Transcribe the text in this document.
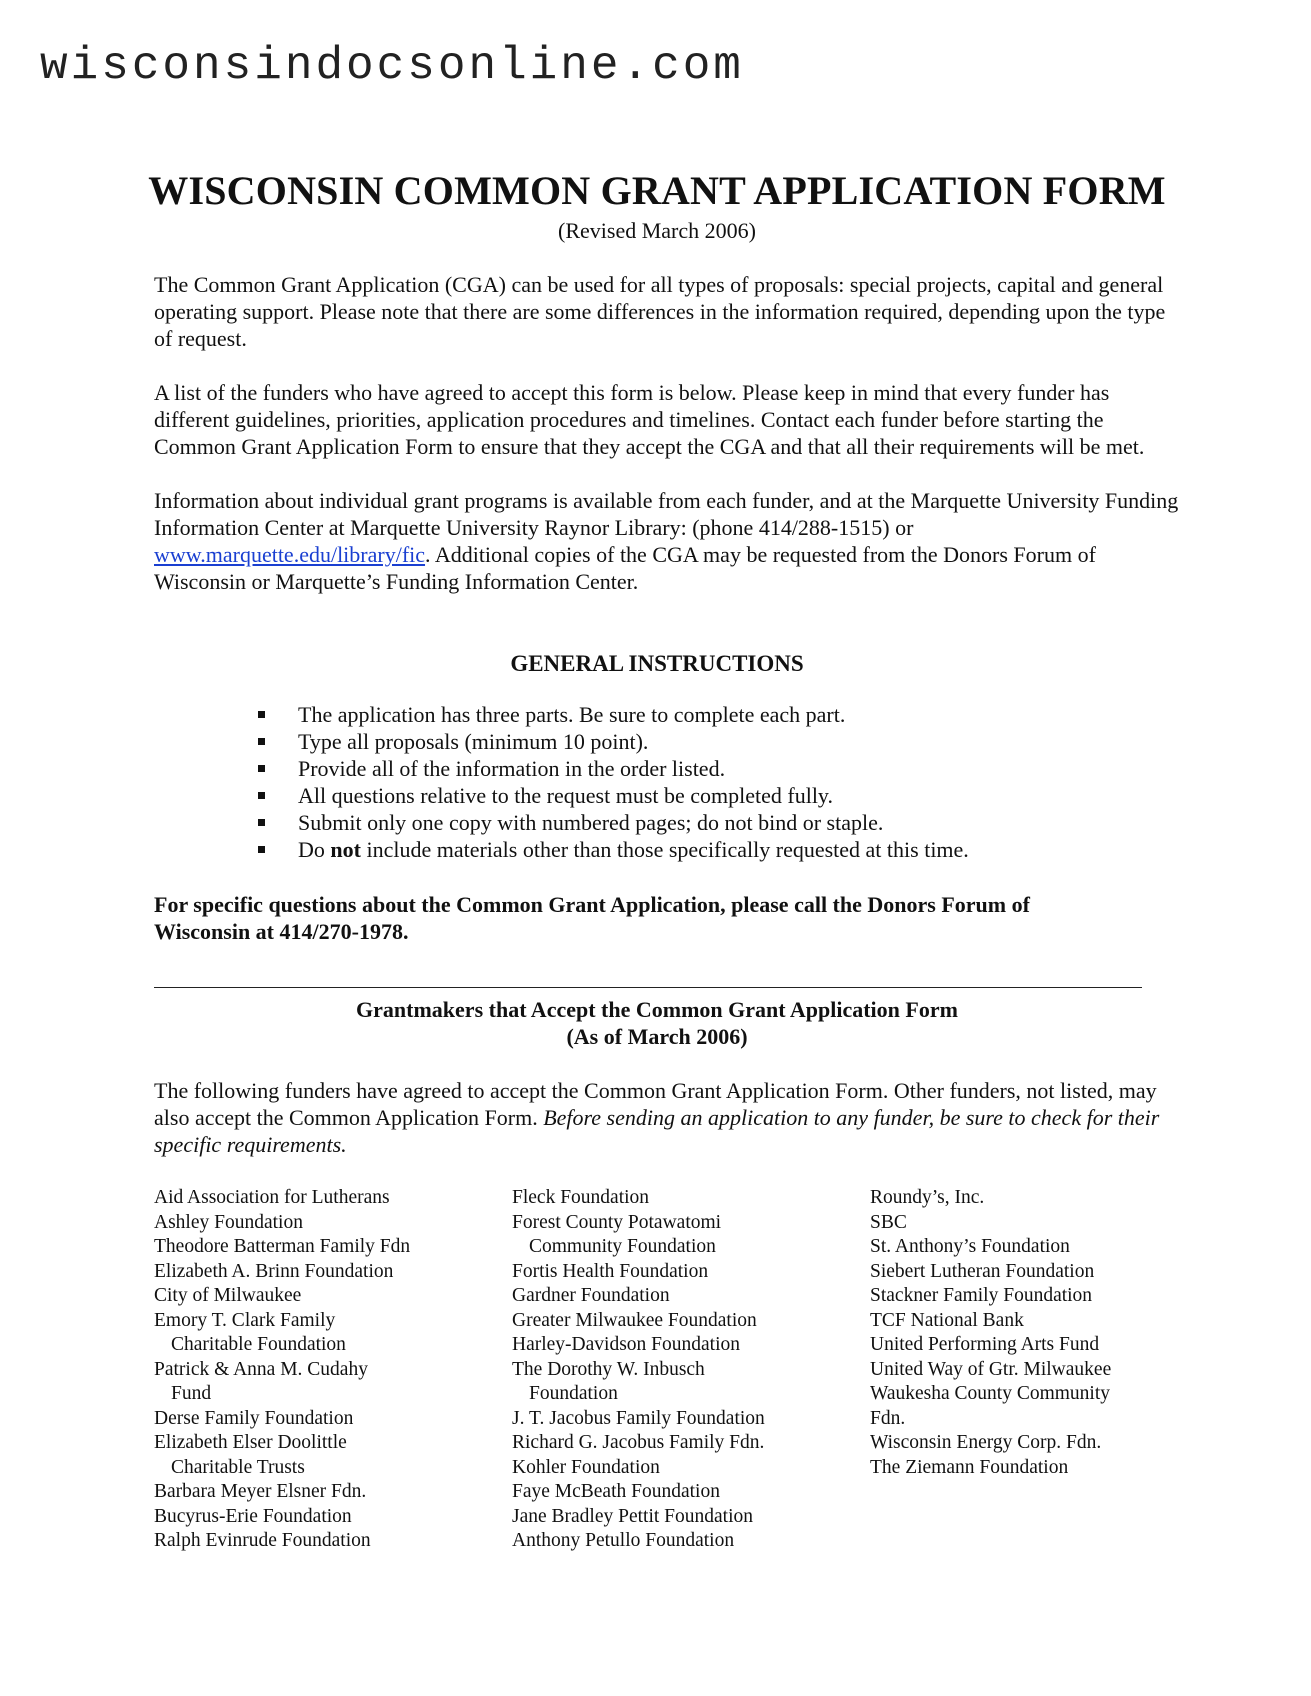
wisconsindocsonline.com
WISCONSIN COMMON GRANT APPLICATION FORM
(Revised March 2006)

The Common Grant Application (CGA) can be used for all types of proposals: special projects, capital and general operating support. Please note that there are some differences in the information required, depending upon the type of request.

A list of the funders who have agreed to accept this form is below. Please keep in mind that every funder has different guidelines, priorities, application procedures and timelines. Contact each funder before starting the Common Grant Application Form to ensure that they accept the CGA and that all their requirements will be met.

Information about individual grant programs is available from each funder, and at the Marquette University Funding Information Center at Marquette University Raynor Library: (phone 414/288-1515) or www.marquette.edu/library/fic. Additional copies of the CGA may be requested from the Donors Forum of Wisconsin or Marquette’s Funding Information Center.

GENERAL INSTRUCTIONS
The application has three parts. Be sure to complete each part.
Type all proposals (minimum 10 point).
Provide all of the information in the order listed.
All questions relative to the request must be completed fully.
Submit only one copy with numbered pages; do not bind or staple.
Do not include materials other than those specifically requested at this time.

For specific questions about the Common Grant Application, please call the Donors Forum of Wisconsin at 414/270-1978.

Grantmakers that Accept the Common Grant Application Form
(As of March 2006)

The following funders have agreed to accept the Common Grant Application Form. Other funders, not listed, may also accept the Common Application Form. Before sending an application to any funder, be sure to check for their specific requirements.

Aid Association for Lutherans

Ashley Foundation

Theodore Batterman Family Fdn

Elizabeth A. Brinn Foundation

City of Milwaukee

Emory T. Clark Family

Charitable Foundation

Patrick & Anna M. Cudahy

Fund

Derse Family Foundation

Elizabeth Elser Doolittle

Charitable Trusts

Barbara Meyer Elsner Fdn.

Bucyrus-Erie Foundation

Ralph Evinrude Foundation

Fleck Foundation

Forest County Potawatomi

Community Foundation

Fortis Health Foundation

Gardner Foundation

Greater Milwaukee Foundation

Harley-Davidson Foundation

The Dorothy W. Inbusch

Foundation

J. T. Jacobus Family Foundation

Richard G. Jacobus Family Fdn.

Kohler Foundation

Faye McBeath Foundation

Jane Bradley Pettit Foundation

Anthony Petullo Foundation

Roundy’s, Inc.

SBC

St. Anthony’s Foundation

Siebert Lutheran Foundation

Stackner Family Foundation

TCF National Bank

United Performing Arts Fund

United Way of Gtr. Milwaukee

Waukesha County Community

Fdn.

Wisconsin Energy Corp. Fdn.

The Ziemann Foundation
